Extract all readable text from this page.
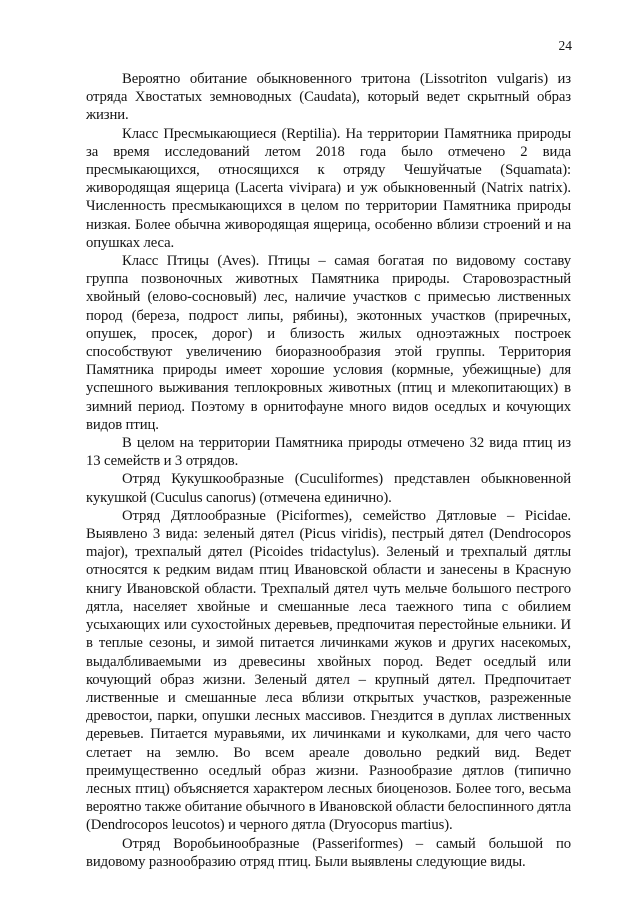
24

Вероятно обитание обыкновенного тритона (Lissotriton vulgaris) из отряда Хвостатых земноводных (Caudata), который ведет скрытный образ жизни.

Класс Пресмыкающиеся (Reptilia). На территории Памятника природы за время исследований летом 2018 года было отмечено 2 вида пресмыкающихся, относящихся к отряду Чешуйчатые (Squamata): живородящая ящерица (Lacerta vivipara) и уж обыкновенный (Natrix natrix). Численность пресмыкающихся в целом по территории Памятника природы низкая. Более обычна живородящая ящерица, особенно вблизи строений и на опушках леса.

Класс Птицы (Aves). Птицы – самая богатая по видовому составу группа позвоночных животных Памятника природы. Старовозрастный хвойный (елово-сосновый) лес, наличие участков с примесью лиственных пород (береза, подрост липы, рябины), экотонных участков (приречных, опушек, просек, дорог) и близость жилых одноэтажных построек способствуют увеличению биоразнообразия этой группы. Территория Памятника природы имеет хорошие условия (кормные, убежищные) для успешного выживания теплокровных животных (птиц и млекопитающих) в зимний период. Поэтому в орнитофауне много видов оседлых и кочующих видов птиц.

В целом на территории Памятника природы отмечено 32 вида птиц из 13 семейств и 3 отрядов.

Отряд Кукушкообразные (Cuculiformes) представлен обыкновенной кукушкой (Cuculus canorus) (отмечена единично).

Отряд Дятлообразные (Piciformes), семейство Дятловые – Picidae. Выявлено 3 вида: зеленый дятел (Picus viridis), пестрый дятел (Dendrocopos major), трехпалый дятел (Picoides tridactylus). Зеленый и трехпалый дятлы относятся к редким видам птиц Ивановской области и занесены в Красную книгу Ивановской области. Трехпалый дятел чуть мельче большого пестрого дятла, населяет хвойные и смешанные леса таежного типа с обилием усыхающих или сухостойных деревьев, предпочитая перестойные ельники. И в теплые сезоны, и зимой питается личинками жуков и других насекомых, выдалбливаемыми из древесины хвойных пород. Ведет оседлый или кочующий образ жизни. Зеленый дятел – крупный дятел. Предпочитает лиственные и смешанные леса вблизи открытых участков, разреженные древостои, парки, опушки лесных массивов. Гнездится в дуплах лиственных деревьев. Питается муравьями, их личинками и куколками, для чего часто слетает на землю. Во всем ареале довольно редкий вид. Ведет преимущественно оседлый образ жизни. Разнообразие дятлов (типично лесных птиц) объясняется характером лесных биоценозов. Более того, весьма вероятно также обитание обычного в Ивановской области белоспинного дятла (Dendrocopos leucotos) и черного дятла (Dryocopus martius).

Отряд Воробьинообразные (Passeriformes) – самый большой по видовому разнообразию отряд птиц. Были выявлены следующие виды.
